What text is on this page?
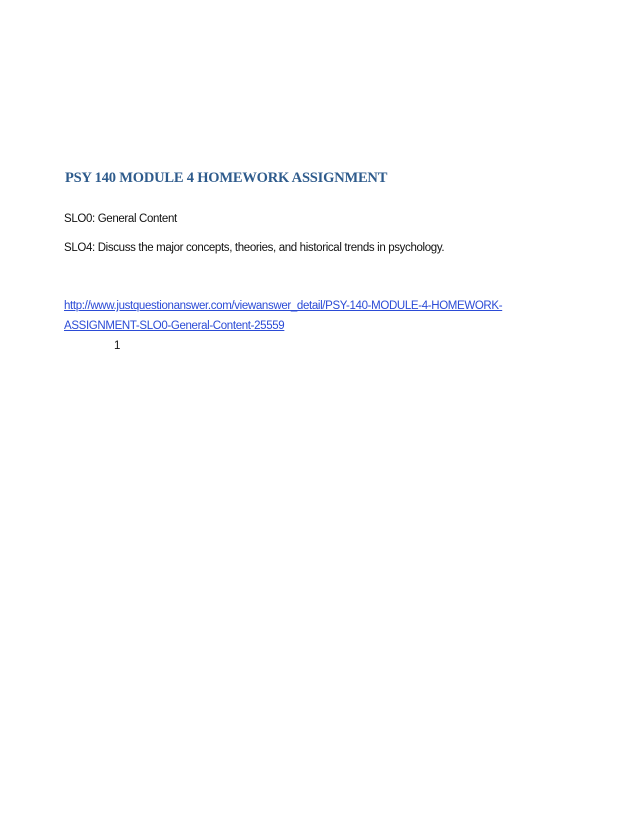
PSY 140 MODULE 4 HOMEWORK ASSIGNMENT
SLO0: General Content
SLO4: Discuss the major concepts, theories, and historical trends in psychology.
http://www.justquestionanswer.com/viewanswer_detail/PSY-140-MODULE-4-HOMEWORK-
ASSIGNMENT-SLO0-General-Content-25559
1
